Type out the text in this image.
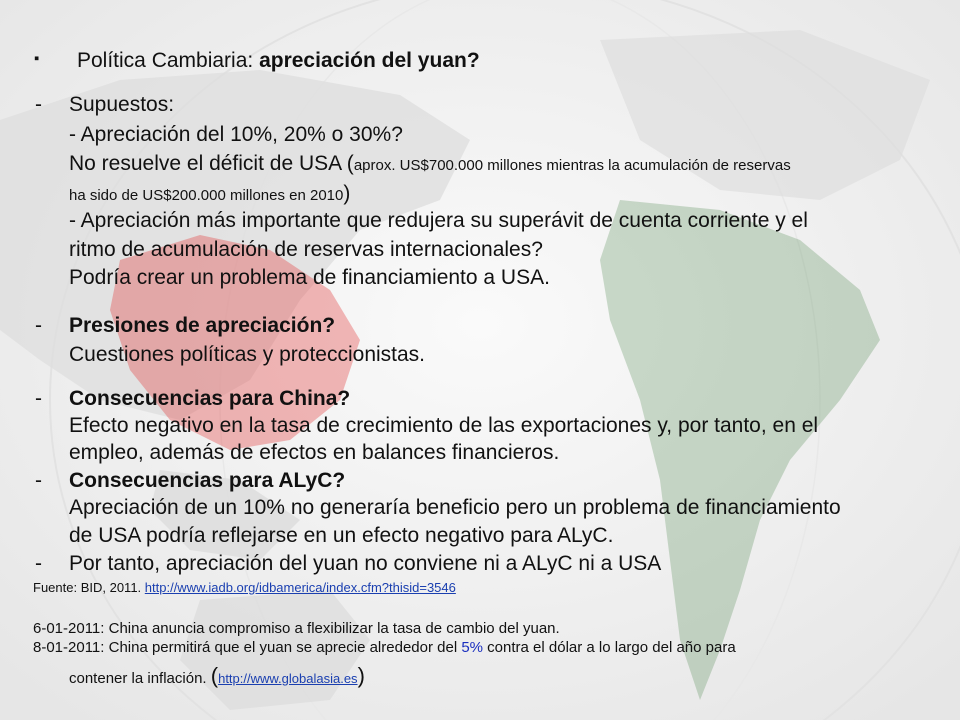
▪ Política Cambiaria: apreciación del yuan?
- Supuestos:
- Apreciación del 10%, 20% o 30%?
No resuelve el déficit de USA (aprox. US$700.000 millones mientras la acumulación de reservas
ha sido de US$200.000 millones en 2010)
- Apreciación más importante que redujera su superávit de cuenta corriente y el
ritmo de acumulación de reservas internacionales?
Podría crear un problema de financiamiento a USA.
- Presiones de apreciación?
Cuestiones políticas y proteccionistas.
- Consecuencias para China?
Efecto negativo en la tasa de crecimiento de las exportaciones y, por tanto, en el
empleo, además de efectos en balances financieros.
- Consecuencias para ALyC?
Apreciación de un 10% no generaría beneficio pero un problema de financiamiento
de USA podría reflejarse en un efecto negativo para ALyC.
- Por tanto, apreciación del yuan no conviene ni a ALyC ni a USA
Fuente: BID, 2011. http://www.iadb.org/idbamerica/index.cfm?thisid=3546
6-01-2011: China anuncia compromiso a flexibilizar la tasa de cambio del yuan.
8-01-2011: China permitirá que el yuan se aprecie alrededor del 5% contra el dólar a lo largo del año para
contener la inflación. (http://www.globalasia.es)
